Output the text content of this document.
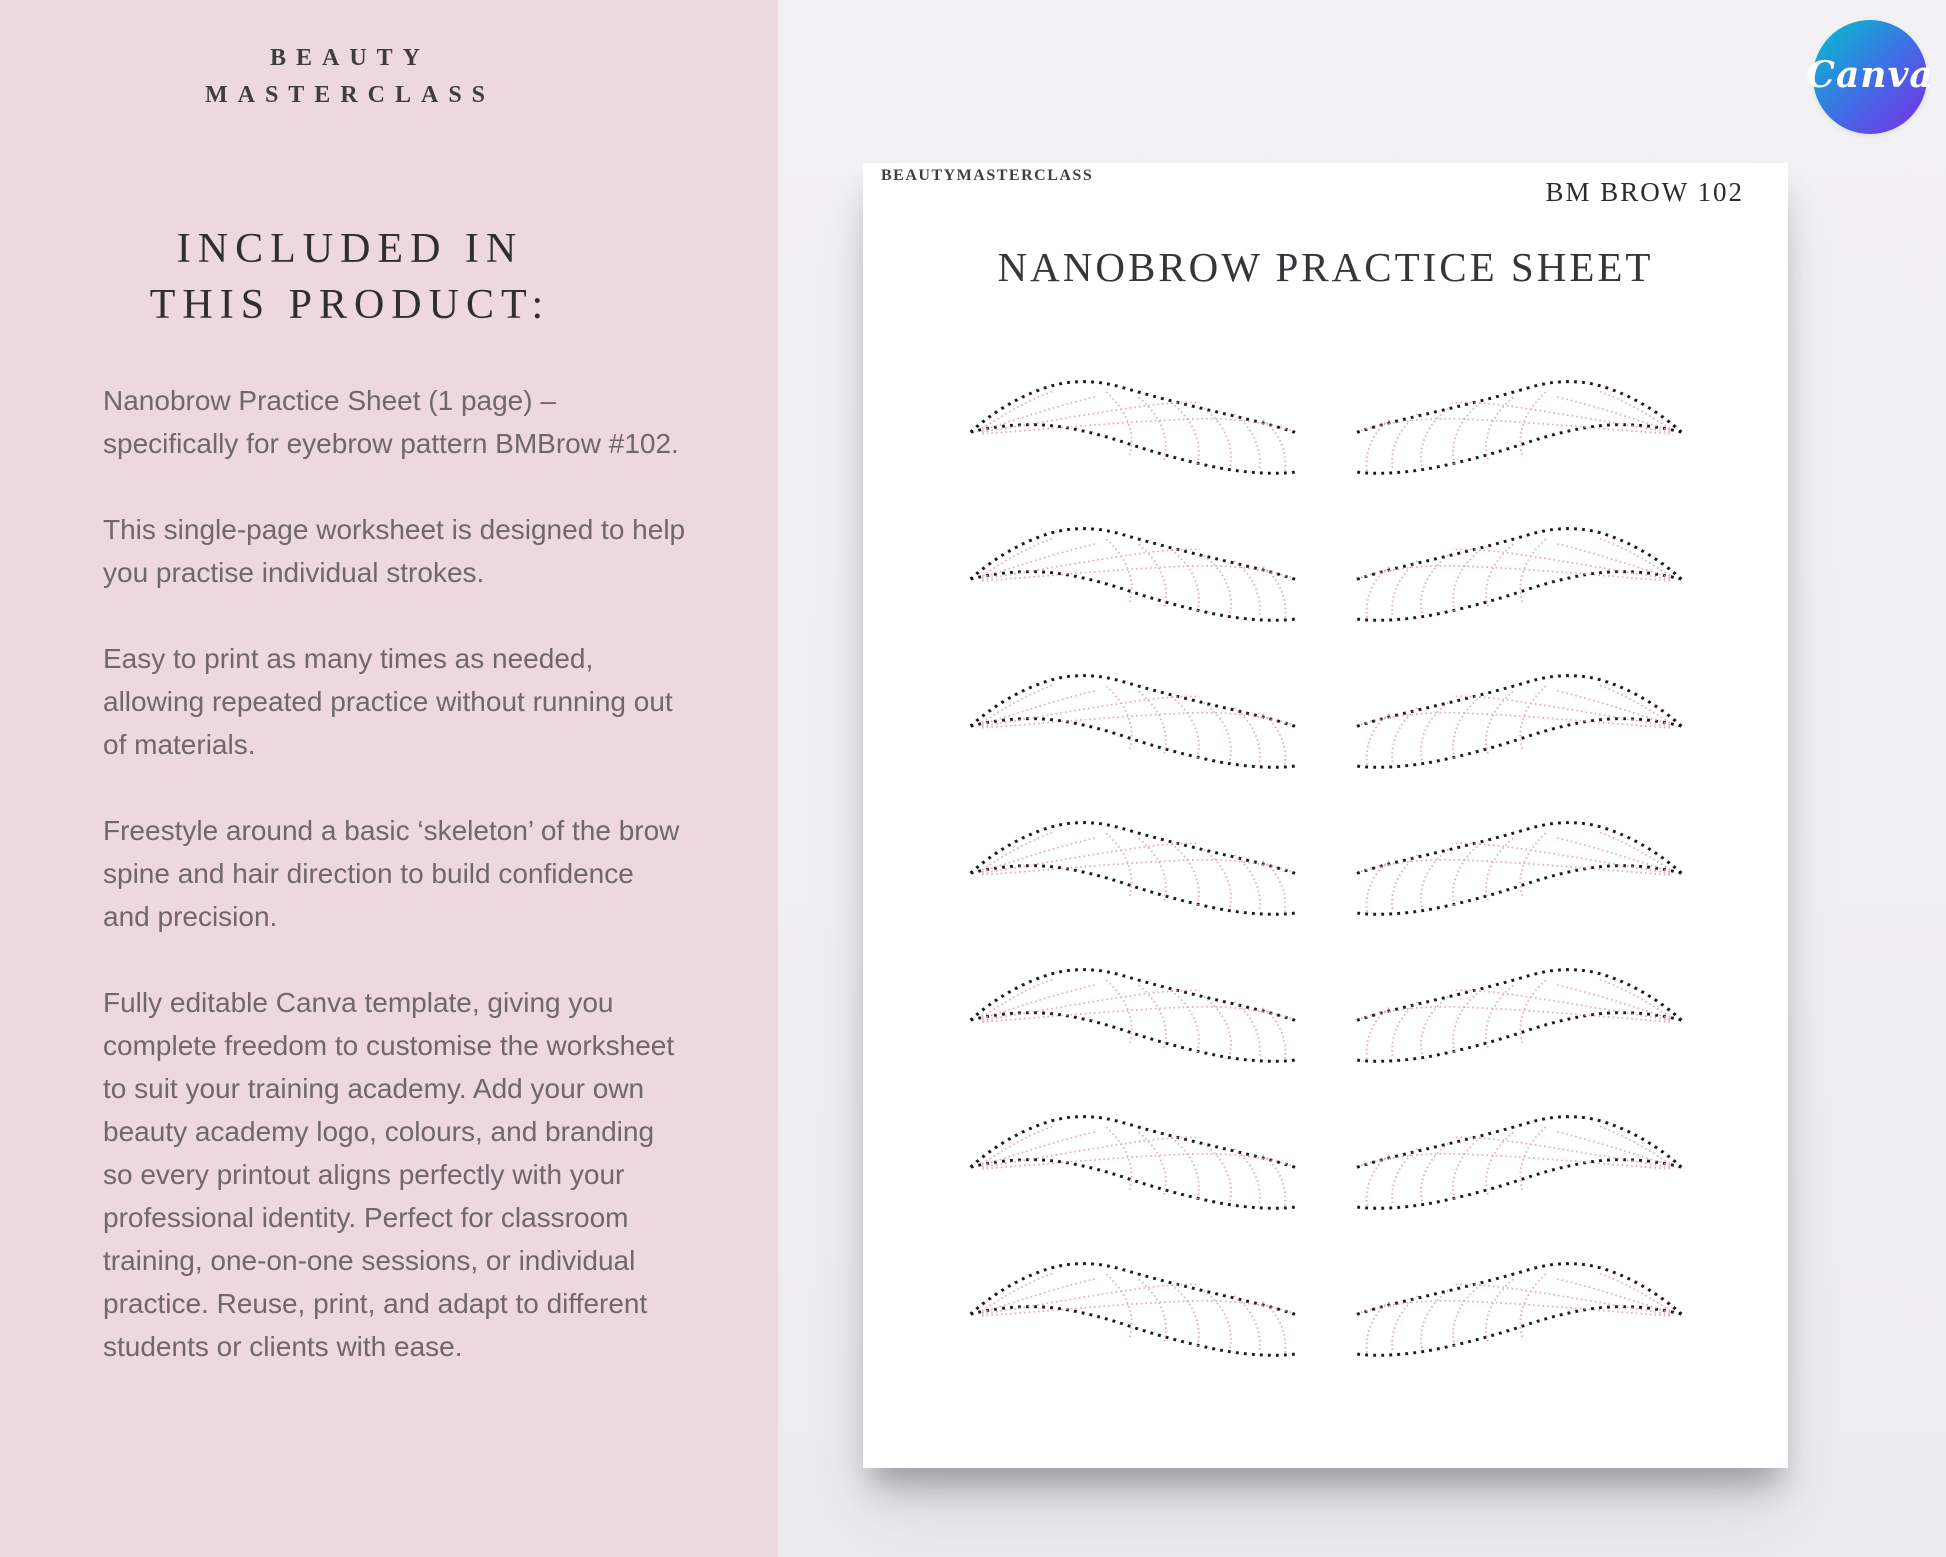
BEAUTY
MASTERCLASS
INCLUDED IN
THIS PRODUCT:

Nanobrow Practice Sheet (1 page) – specifically for eyebrow pattern BMBrow #102.

This single-page worksheet is designed to help you practise individual strokes.

Easy to print as many times as needed, allowing repeated practice without running out of materials.

Freestyle around a basic ‘skeleton’ of the brow spine and hair direction to build confidence and precision.

Fully editable Canva template, giving you complete freedom to customise the worksheet to suit your training academy. Add your own beauty academy logo, colours, and branding so every printout aligns perfectly with your professional identity. Perfect for classroom training, one-on-one sessions, or individual practice. Reuse, print, and adapt to different students or clients with ease.

BEAUTYMASTERCLASS
BM BROW 102
NANOBROW PRACTICE SHEET
Canva
